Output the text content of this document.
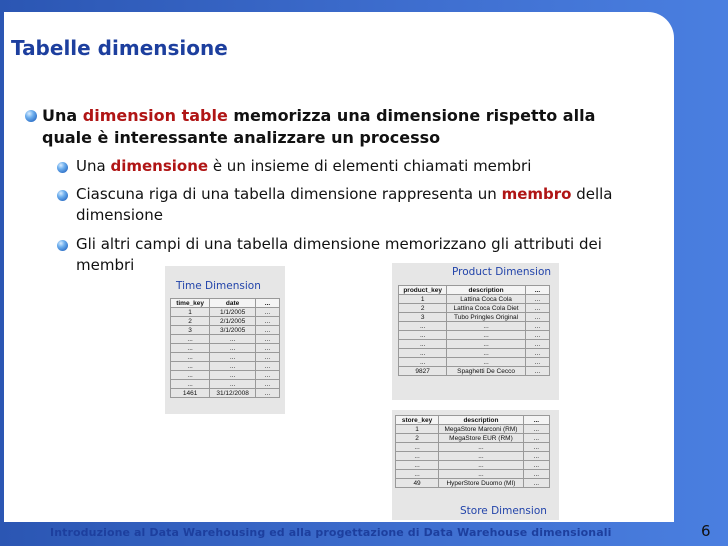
Tabelle dimensione
Una dimension table memorizza una dimensione rispetto alla
quale è interessante analizzare un processo
Una dimensione è un insieme di elementi chiamati membri
Ciascuna riga di una tabella dimensione rappresenta un membro della
dimensione
Gli altri campi di una tabella dimensione memorizzano gli attributi dei
membri
Time Dimension
time_key	date	...
1	1/1/2005	...
2	2/1/2005	...
3	3/1/2005	...
...	...	...
...	...	...
...	...	...
...	...	...
...	...	...
...	...	...
1461	31/12/2008	...
Product Dimension
product_key	description	...
1	Lattina Coca Cola	...
2	Lattina Coca Cola Diet	...
3	Tubo Pringles Original	...
...	...	...
...	...	...
...	...	...
...	...	...
...	...	...
9827	Spaghetti De Cecco	...
store_key	description	...
1	MegaStore Marconi (RM)	...
2	MegaStore EUR (RM)	...
...	...	...
...	...	...
...	...	...
...	...	...
49	HyperStore Duomo (MI)	...
Store Dimension
Introduzione al Data Warehousing ed alla progettazione di Data Warehouse dimensionali	6
